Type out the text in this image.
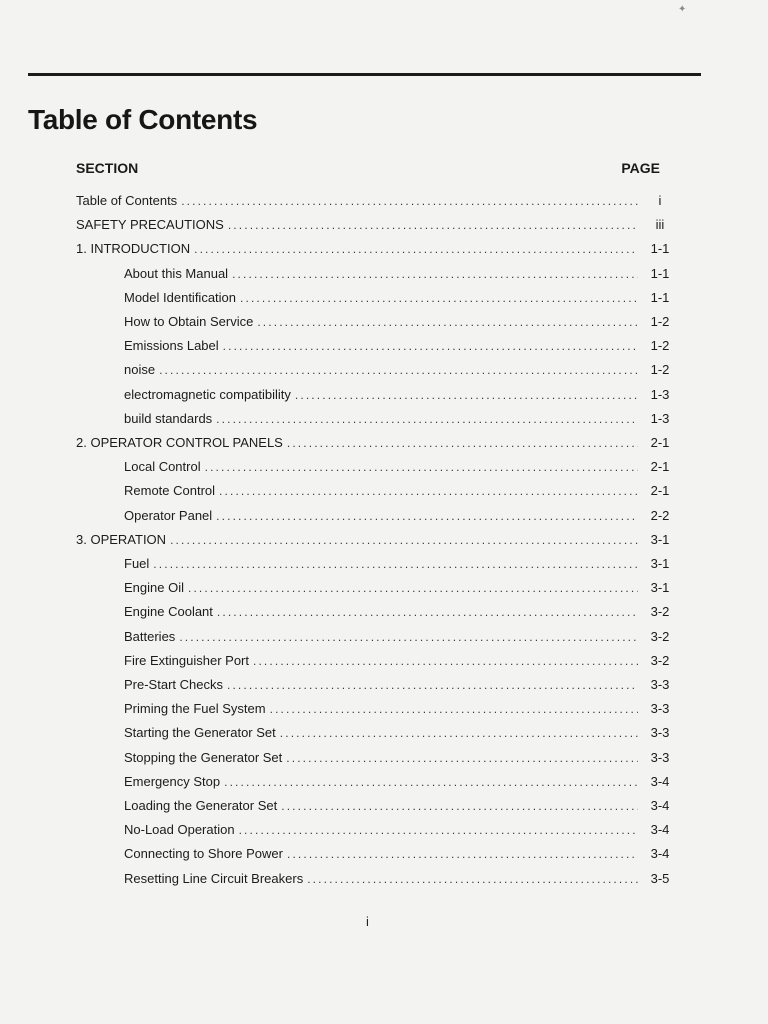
Table of Contents
SECTION	PAGE
Table of Contents . . .	i
SAFETY PRECAUTIONS . . .	iii
1. INTRODUCTION . . .	1-1
About this Manual . . .	1-1
Model Identification . . .	1-1
How to Obtain Service . . .	1-2
Emissions Label . . .	1-2
noise . . .	1-2
electromagnetic compatibility . . .	1-3
build standards . . .	1-3
2. OPERATOR CONTROL PANELS . . .	2-1
Local Control . . .	2-1
Remote Control . . .	2-1
Operator Panel . . .	2-2
3. OPERATION . . .	3-1
Fuel . . .	3-1
Engine Oil . . .	3-1
Engine Coolant . . .	3-2
Batteries . . .	3-2
Fire Extinguisher Port . . .	3-2
Pre-Start Checks . . .	3-3
Priming the Fuel System . . .	3-3
Starting the Generator Set . . .	3-3
Stopping the Generator Set . . .	3-3
Emergency Stop . . .	3-4
Loading the Generator Set . . .	3-4
No-Load Operation . . .	3-4
Connecting to Shore Power . . .	3-4
Resetting Line Circuit Breakers . . .	3-5
i
✦
